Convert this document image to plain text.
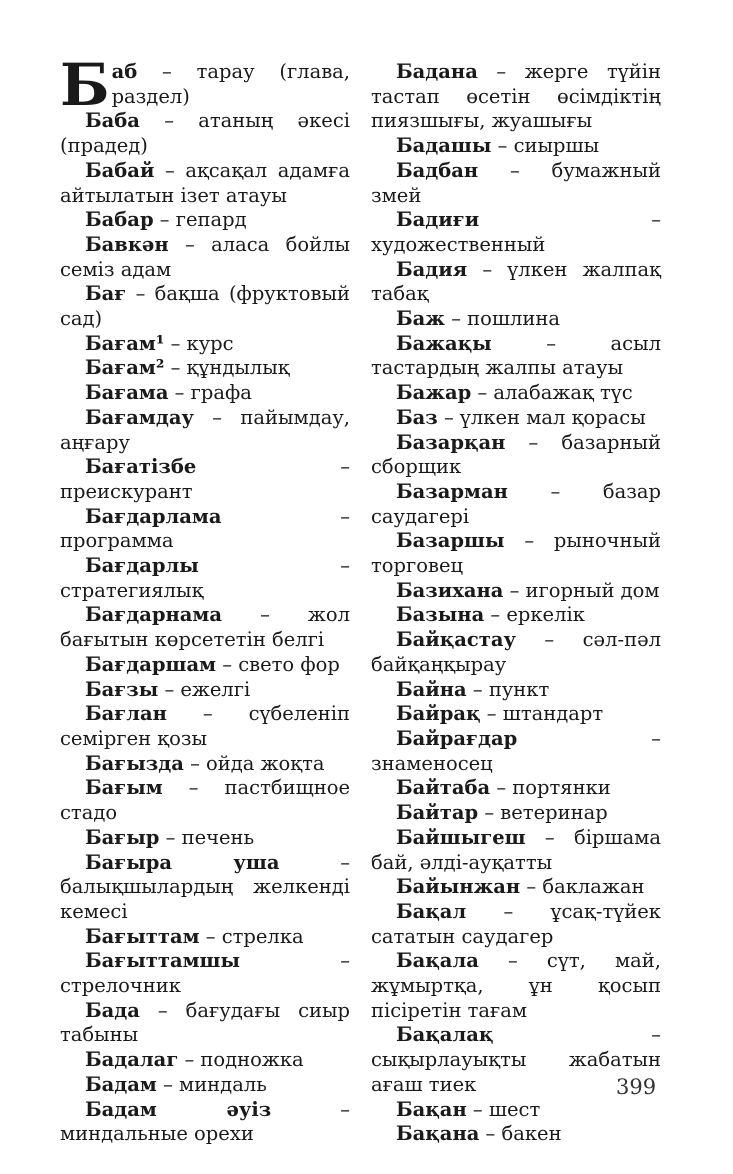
Баб – тарау (глава, раздел)

Баба – атаның әкесі (прадед)

Бабай – ақсақал адамға айтылатын ізет атауы

Бабар – гепард

Бавкән – аласа бойлы семіз адам

Бағ – бақша (фруктовый сад)

Бағам¹ – курс

Бағам² – құндылық

Бағама – графа

Бағамдау – пайымдау, аңғару

Бағатізбе – преискурант

Бағдарлама – программа

Бағдарлы – стратегиялық

Бағдарнама – жол бағытын көрсететін белгі

Бағдаршам – свето фор

Бағзы – ежелгі

Бағлан – сүбеленіп семірген қозы

Бағызда – ойда жоқта

Бағым – пастбищное стадо

Бағыр – печень

Бағыра уша – балықшылардың желкенді кемесі

Бағыттам – стрелка

Бағыттамшы – стрелочник

Бада – бағудағы сиыр табыны

Бадалаг – подножка

Бадам – миндаль

Бадам әуіз – миндальные орехи

Бадана – жерге түйін тастап өсетін өсімдіктің пиязшығы, жуашығы

Бадашы – сиыршы

Бадбан – бумажный змей

Бадиғи – художественный

Бадия – үлкен жалпақ табақ

Баж – пошлина

Бажақы – асыл тастардың жалпы атауы

Бажар – алабажақ түс

Баз – үлкен мал қорасы

Базарқан – базарный сборщик

Базарман – базар саудагері

Базаршы – рыночный торговец

Базихана – игорный дом

Базына – еркелік

Байқастау – сәл-пәл байқаңқырау

Байна – пункт

Байрақ – штандарт

Байрағдар – знаменосец

Байтаба – портянки

Байтар – ветеринар

Байшыгеш – біршама бай, әлді-ауқатты

Байынжан – баклажан

Бақал – ұсақ-түйек сататын саудагер

Бақала – сүт, май, жұмыртқа, ұн қосып пісіретін тағам

Бақалақ – сықырлауықты жабатын ағаш тиек

Бақан – шест

Бақана – бакен

399
